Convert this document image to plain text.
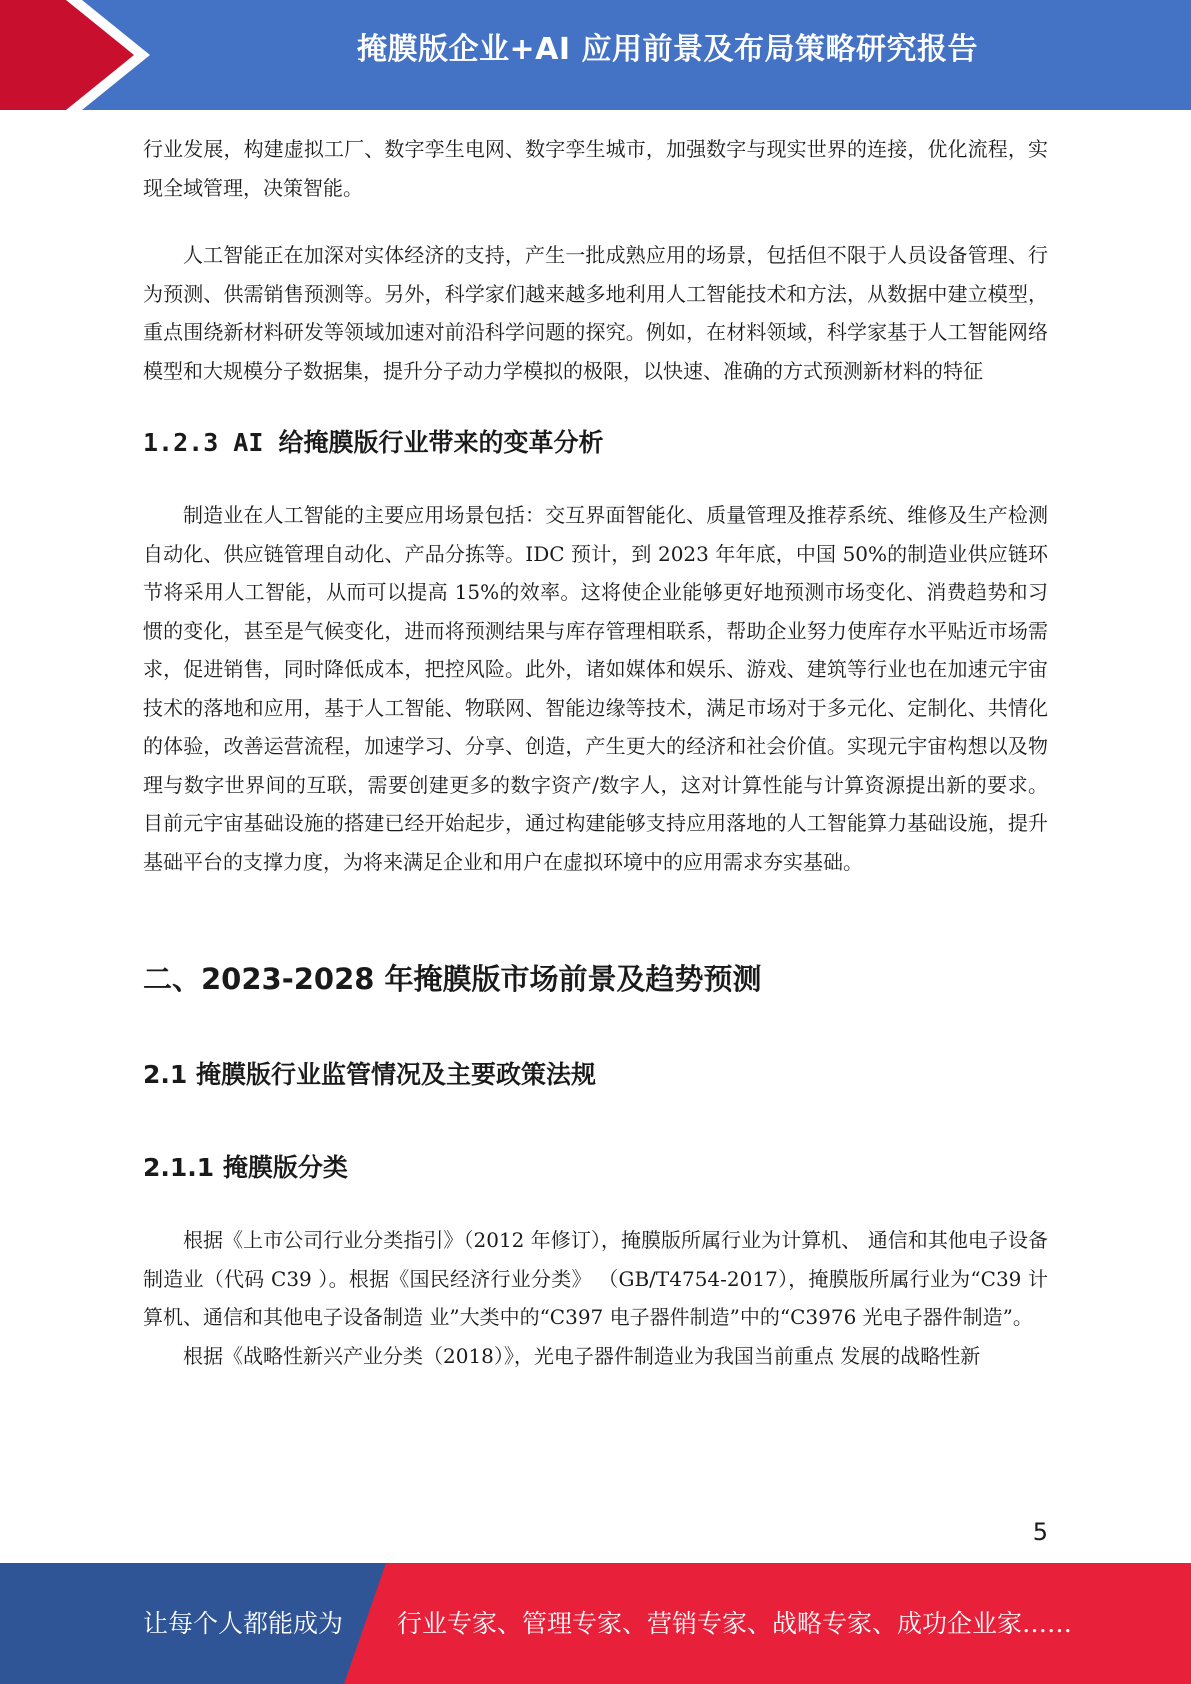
掩膜版企业+AI 应用前景及布局策略研究报告

行业发展，构建虚拟工厂、数字孪生电网、数字孪生城市，加强数字与现实世界的连接，优化流程，实现全域管理，决策智能。

人工智能正在加深对实体经济的支持，产生一批成熟应用的场景，包括但不限于人员设备管理、行为预测、供需销售预测等。另外，科学家们越来越多地利用人工智能技术和方法，从数据中建立模型，重点围绕新材料研发等领域加速对前沿科学问题的探究。例如，在材料领域，科学家基于人工智能网络模型和大规模分子数据集，提升分子动力学模拟的极限，以快速、准确的方式预测新材料的特征

1.2.3 AI 给掩膜版行业带来的变革分析

制造业在人工智能的主要应用场景包括：交互界面智能化、质量管理及推荐系统、维修及生产检测自动化、供应链管理自动化、产品分拣等。IDC 预计，到 2023 年年底，中国 50%的制造业供应链环节将采用人工智能，从而可以提高 15%的效率。这将使企业能够更好地预测市场变化、消费趋势和习惯的变化，甚至是气候变化，进而将预测结果与库存管理相联系，帮助企业努力使库存水平贴近市场需求，促进销售，同时降低成本，把控风险。此外，诸如媒体和娱乐、游戏、建筑等行业也在加速元宇宙技术的落地和应用，基于人工智能、物联网、智能边缘等技术，满足市场对于多元化、定制化、共情化的体验，改善运营流程，加速学习、分享、创造，产生更大的经济和社会价值。实现元宇宙构想以及物理与数字世界间的互联，需要创建更多的数字资产/数字人，这对计算性能与计算资源提出新的要求。目前元宇宙基础设施的搭建已经开始起步，通过构建能够支持应用落地的人工智能算力基础设施，提升基础平台的支撑力度，为将来满足企业和用户在虚拟环境中的应用需求夯实基础。

二、2023-2028 年掩膜版市场前景及趋势预测
2.1 掩膜版行业监管情况及主要政策法规
2.1.1 掩膜版分类

根据《上市公司行业分类指引》（2012 年修订），掩膜版所属行业为计算机、 通信和其他电子设备制造业（代码 C39 ）。根据《国民经济行业分类》 （GB/T4754-2017），掩膜版所属行业为“C39 计算机、通信和其他电子设备制造 业”大类中的“C397 电子器件制造”中的“C3976 光电子器件制造”。

根据《战略性新兴产业分类（2018）》，光电子器件制造业为我国当前重点 发展的战略性新

5
让每个人都能成为 行业专家、管理专家、营销专家、战略专家、成功企业家……
